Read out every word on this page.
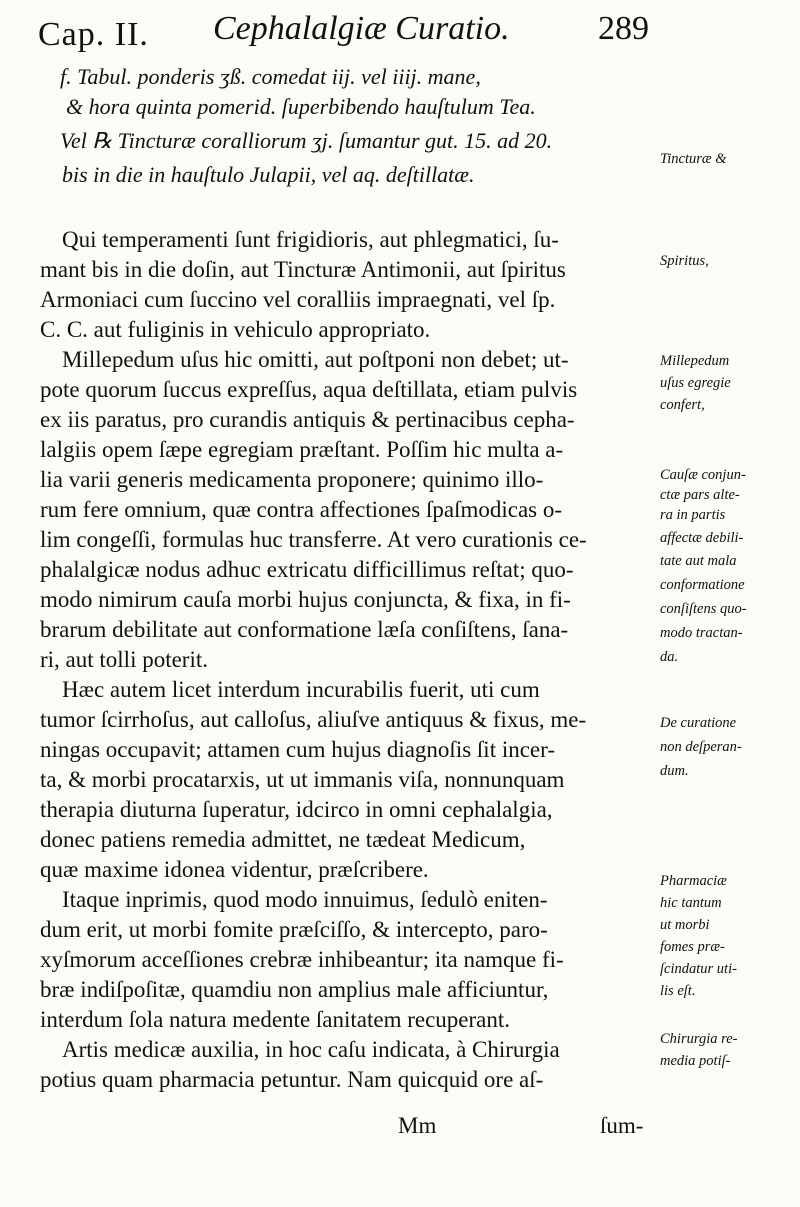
Cap. II. Cephalalgiæ Curatio.	289
f. Tabul. ponderis ʒß. comedat iij. vel iiij. mane,
& hora quinta pomerid. ſuperbibendo hauſtulum Tea.
Vel ℞ Tincturæ coralliorum ʒj. ſumantur gut. 15. ad 20.
bis in die in hauſtulo Julapii, vel aq. deſtillatæ.
Qui temperamenti ſunt frigidioris, aut phlegmatici, ſu-
mant bis in die doſin, aut Tincturæ Antimonii, aut ſpiritus
Armoniaci cum ſuccino vel coralliis impraegnati, vel ſp.
C. C. aut fuliginis in vehiculo appropriato.
Millepedum uſus hic omitti, aut poſtponi non debet; ut-
pote quorum ſuccus expreſſus, aqua deſtillata, etiam pulvis
ex iis paratus, pro curandis antiquis & pertinacibus cepha-
lalgiis opem ſæpe egregiam præſtant. Poſſim hic multa a-
lia varii generis medicamenta proponere; quinimo illo-
rum fere omnium, quæ contra affectiones ſpaſmodicas o-
lim congeſſi, formulas huc transferre. At vero curationis ce-
phalalgicæ nodus adhuc extricatu difficillimus reſtat; quo-
modo nimirum cauſa morbi hujus conjuncta, & fixa, in fi-
brarum debilitate aut conformatione læſa conſiſtens, ſana-
ri, aut tolli poterit.
Hæc autem licet interdum incurabilis fuerit, uti cum
tumor ſcirrhoſus, aut calloſus, aliuſve antiquus & fixus, me-
ningas occupavit; attamen cum hujus diagnoſis ſit incer-
ta, & morbi procatarxis, ut ut immanis viſa, nonnunquam
therapia diuturna ſuperatur, idcirco in omni cephalalgia,
donec patiens remedia admittet, ne tædeat Medicum,
quæ maxime idonea videntur, præſcribere.
Itaque inprimis, quod modo innuimus, ſedulò eniten-
dum erit, ut morbi fomite præſciſſo, & intercepto, paro-
xyſmorum acceſſiones crebræ inhibeantur; ita namque fi-
bræ indiſpoſitæ, quamdiu non amplius male afficiuntur,
interdum ſola natura medente ſanitatem recuperant.
Artis medicæ auxilia, in hoc caſu indicata, à Chirurgia
potius quam pharmacia petuntur. Nam quicquid ore aſ-
Tincturæ &
Spiritus,
Millepedum
uſus egregie
confert,
Cauſæ conjun-
ctæ pars alte-
ra in partis
affectæ debili-
tate aut mala
conformatione
conſiſtens quo-
modo tractan-
da.
De curatione
non deſperan-
dum.
Pharmaciæ
hic tantum
ut morbi
fomes præ-
ſcindatur uti-
lis eſt.
Chirurgia re-
media potiſ-
Mm	ſum-
